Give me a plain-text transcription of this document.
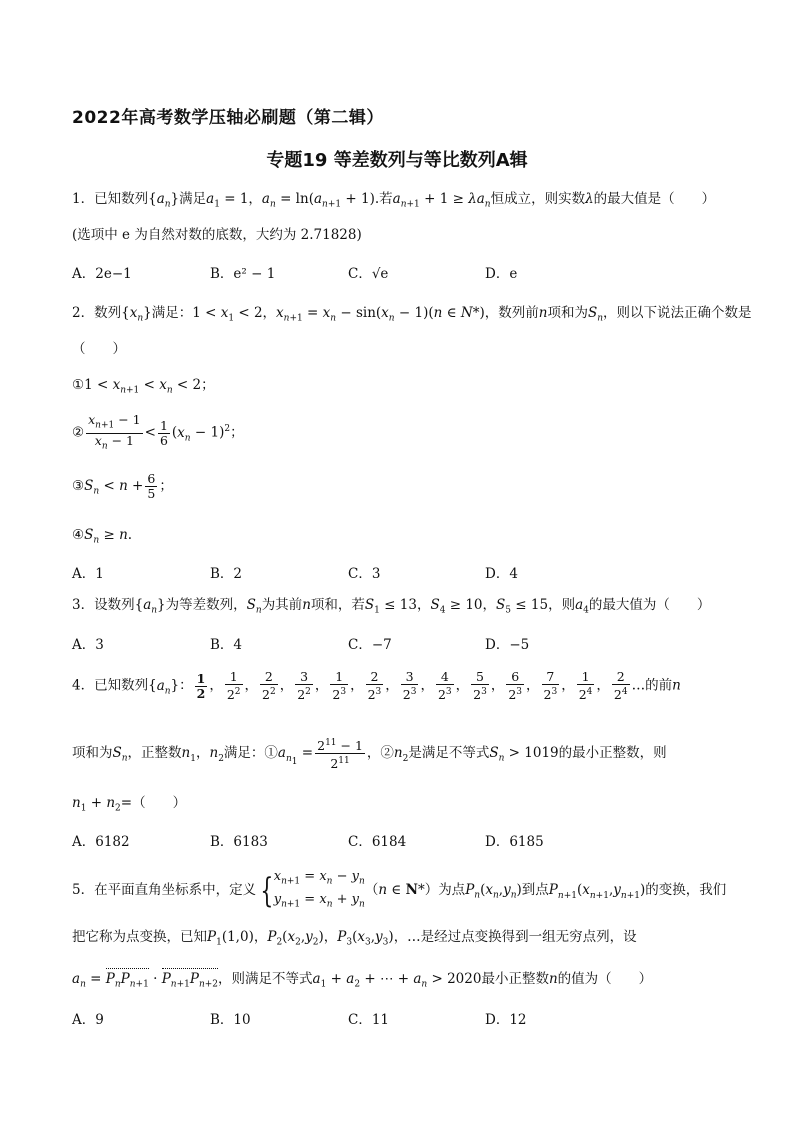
2022年高考数学压轴必刷题（第二辑）
专题19 等差数列与等比数列A辑
1．已知数列$\{a_n\}$满足$a_1 = 1$，$a_n = \ln(a_{n+1} + 1)$.若$a_{n+1} + 1 \ge \lambda a_n$恒成立，则实数λ的最大值是（　　）
(选项中 e 为自然对数的底数，大约为 2.71828)
A．2e−1	B．e² − 1	C．√e	D．e
2．数列$\{x_n\}$满足：$1 < x_1 < 2$，$x_{n+1} = x_n - \sin(x_n - 1)(n$ ∈ N*)，数列前n项和为$S_n$，则以下说法正确个数是
（　　）
①1 < $x_{n+1} < x_n < 2$；
② $\frac{x_{n+1} - 1}{x_n - 1} < \frac{1}{6} (x_n - 1)^2$；
$③S_n < n + \frac{6}{5}$ ；
$④S_n \ge n$.
A．1	B．2	C．3	D．4
3．设数列$\{a_n\}$为等差数列，$S_n$为其前n项和，若$S_1 \le 13$，$S_4 \ge 10$，$S_5 \le 15$，则$a_4$的最大值为（　　）
A．3	B．4	C．−7	D．−5
4．已知数列$\{a_n\}$： $\frac{1}{2}$ ， $\frac{1}{2^2}$ ， $\frac{2}{2^2}$ ， $\frac{3}{2^2}$ ， $\frac{1}{2^3}$ ， $\frac{2}{2^3}$ ， $\frac{3}{2^3}$ ， $\frac{4}{2^3}$ ， $\frac{5}{2^3}$ ， $\frac{6}{2^3}$ ， $\frac{7}{2^3}$ ， $\frac{1}{2^4}$ ， $\frac{2}{2^4}$ …的前n
项和为$S_n$，正整数$n_1$，$n_2$满足：$①a_{n_1} = \frac{2^{11} - 1}{2^{11}}$ ，$②n_2$是满足不等式$S_n > 1019$的最小正整数，则
$n_1 + n_2=$（　　）
A．6182	B．6183	C．6184	D．6185
5．在平面直角坐标系中，定义 {$x_{n+1} = x_n - y_n$
$y_{n+1} = x_n + y_n(n$ ∈ N*）为点$P_n(x_n,y_n)$到点$P_{n+1}(x_{n+1},y_{n+1})$的变换，我们
把它称为点变换，已知$P_1(1,0)$，$P_2(x_2,y_2)$，$P_3(x_3,y_3)$，…是经过点变换得到一组无穷点列，设
$a_n = P_nP_{n+1} \cdot P_{n+1}P_{n+2}$，则满足不等式$a_1 + a_2$ + ⋯ + $a_n > 2020$最小正整数n的值为（　　）
A．9	B．10	C．11	D．12
